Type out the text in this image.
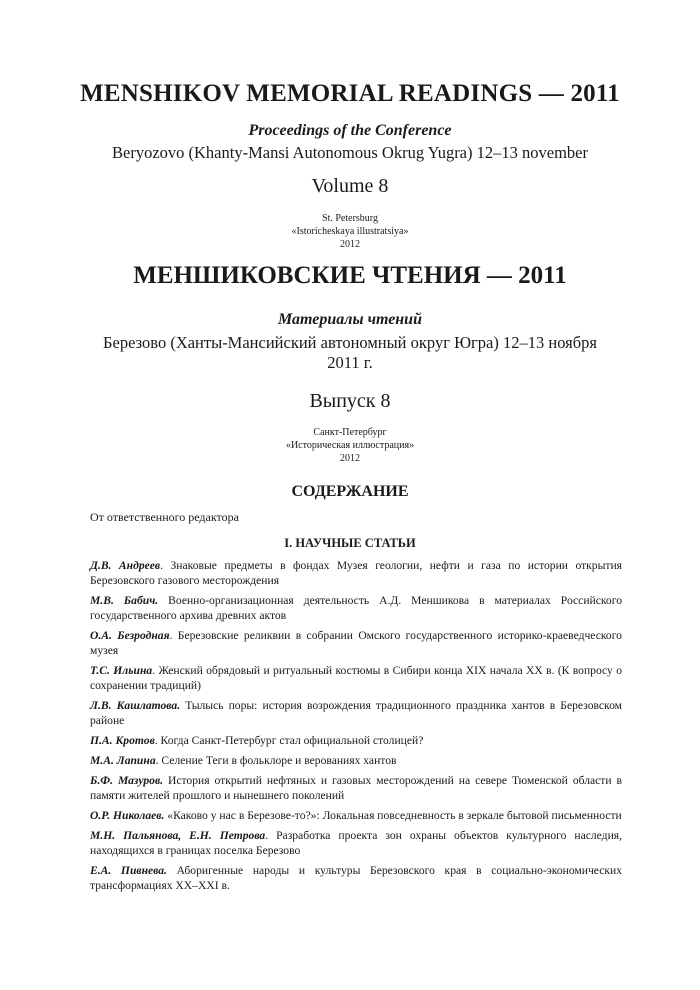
MENSHIKOV MEMORIAL READINGS — 2011
Proceedings of the Conference
Beryozovo (Khanty-Mansi Autonomous Okrug Yugra) 12–13 november
Volume 8
St. Petersburg
«Istoricheskaya illustratsiya»
2012
МЕНШИКОВСКИЕ ЧТЕНИЯ — 2011
Материалы чтений
Березово (Ханты-Мансийский автономный округ Югра) 12–13 ноября 2011 г.
Выпуск 8
Санкт-Петербург
«Историческая иллюстрация»
2012
СОДЕРЖАНИЕ
От ответственного редактора
I. НАУЧНЫЕ СТАТЬИ
Д.В. Андреев. Знаковые предметы в фондах Музея геологии, нефти и газа по истории открытия Березовского газового месторождения
М.В. Бабич. Военно-организационная деятельность А.Д. Меншикова в материалах Российского государственного архива древних актов
О.А. Безродная. Березовские реликвии в собрании Омского государственного историко-краеведческого музея
Т.С. Ильина. Женский обрядовый и ритуальный костюмы в Сибири конца XIX начала XX в. (К вопросу о сохранении традиций)
Л.В. Кашлатова. Тылысь поры: история возрождения традиционного праздника хантов в Березовском районе
П.А. Кротов. Когда Санкт-Петербург стал официальной столицей?
М.А. Лапина. Селение Теги в фольклоре и верованиях хантов
Б.Ф. Мазуров. История открытий нефтяных и газовых месторождений на севере Тюменской области в памяти жителей прошлого и нынешнего поколений
О.Р. Николаев. «Каково у нас в Березове-то?»: Локальная повседневность в зеркале бытовой письменности
М.Н. Пальянова, Е.Н. Петрова. Разработка проекта зон охраны объектов культурного наследия, находящихся в границах поселка Березово
Е.А. Пивнева. Аборигенные народы и культуры Березовского края в социально-экономических трансформациях XX–XXI в.
